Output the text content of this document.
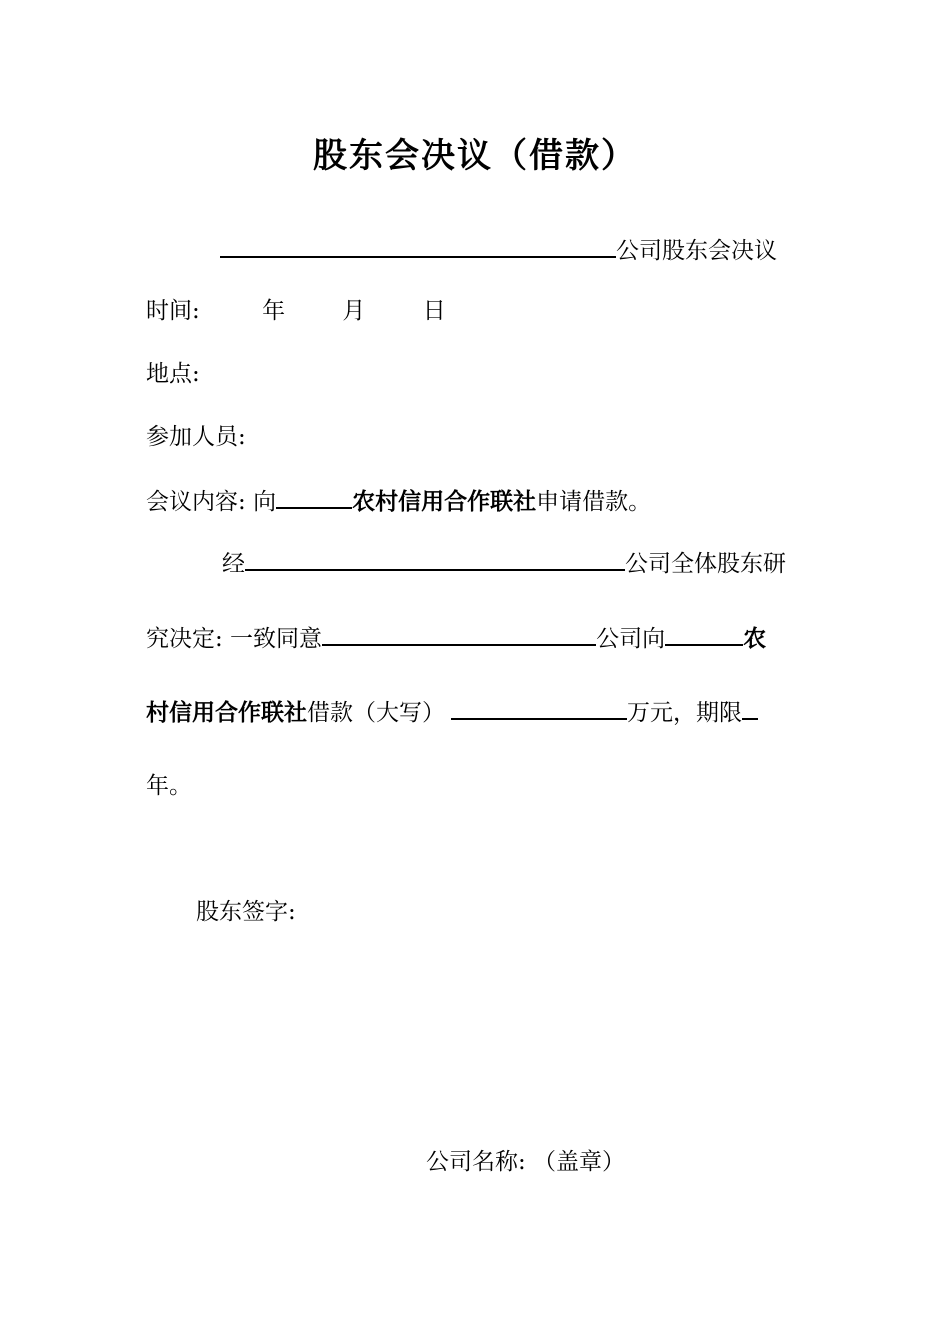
股东会决议（借款）
公司股东会决议
时间:	年 月 日
地点:
参加人员:
会议内容: 向	农村信用合作联社申请借款。
经	公司全体股东研
究决定: 一致同意	公司向	农
村信用合作联社借款（大写）	万元，期限
年。
股东签字:
公司名称: （盖章）
